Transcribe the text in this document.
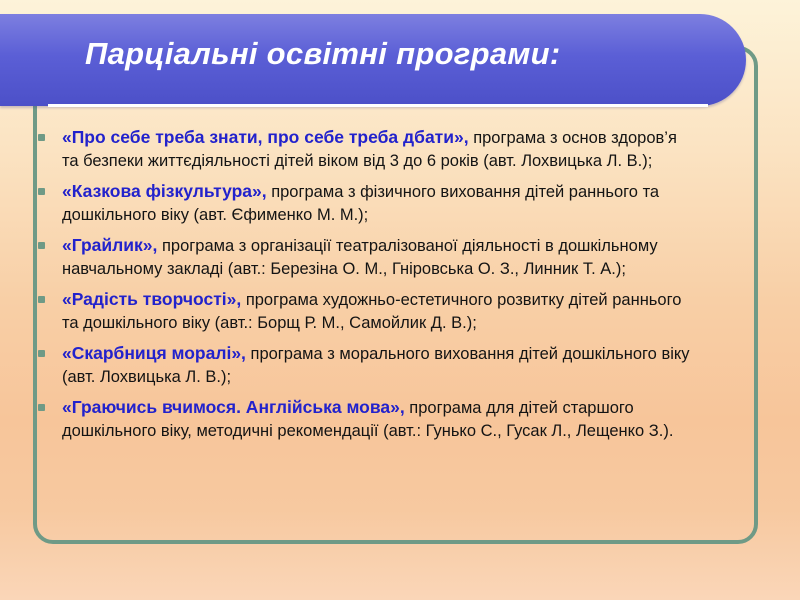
Парціальні освітні програми:
«Про себе треба знати, про себе треба дбати», програма з основ здоров’я та безпеки життєдіяльності дітей віком від 3 до 6 років (авт. Лохвицька Л. В.);
«Казкова фізкультура», програма з фізичного виховання дітей раннього та дошкільного віку (авт. Єфименко М. М.);
«Грайлик», програма з організації театралізованої діяльності в дошкільному навчальному закладі (авт.: Березіна О. М., Гніровська О. З., Линник Т. А.);
«Радість творчості», програма художньо-естетичного розвитку дітей раннього та дошкільного віку (авт.: Борщ Р. М., Самойлик Д. В.);
«Скарбниця моралі», програма з морального виховання дітей дошкільного віку (авт. Лохвицька Л. В.);
«Граючись вчимося. Англійська мова», програма для дітей старшого дошкільного віку, методичні рекомендації (авт.: Гунько С., Гусак Л., Лещенко З.).
